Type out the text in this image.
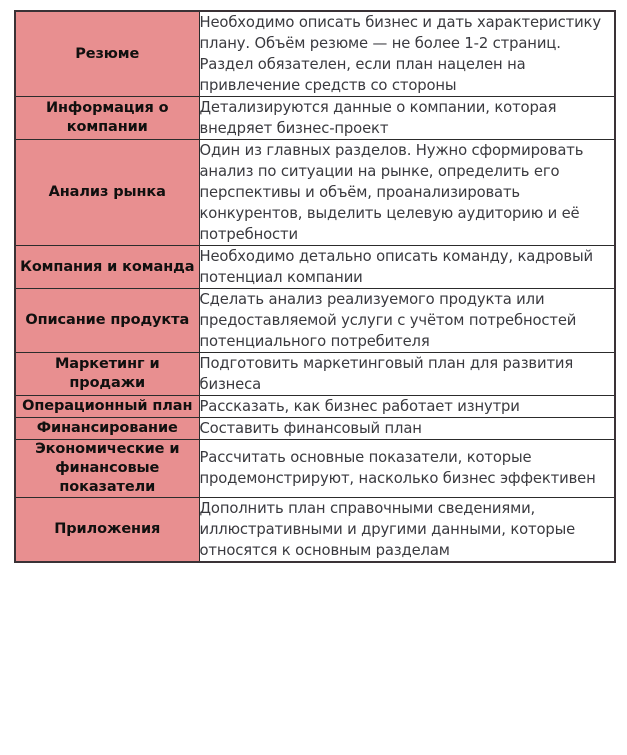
Резюме	Необходимо описать бизнес и дать характеристику плану. Объём резюме — не более 1-2 страниц. Раздел обязателен, если план нацелен на привлечение средств со стороны

Информация о компании	Детализируются данные о компании, которая внедряет бизнес-проект

Анализ рынка	Один из главных разделов. Нужно сформировать анализ по ситуации на рынке, определить его перспективы и объём, проанализировать конкурентов, выделить целевую аудиторию и её потребности

Компания и команда	Необходимо детально описать команду, кадровый потенциал компании

Описание продукта	Сделать анализ реализуемого продукта или предоставляемой услуги с учётом потребностей потенциального потребителя

Маркетинг и продажи	Подготовить маркетинговый план для развития бизнеса

Операционный план	Рассказать, как бизнес работает изнутри

Финансирование	Составить финансовый план

Экономические и финансовые показатели	Рассчитать основные показатели, которые продемонстрируют, насколько бизнес эффективен

Приложения	Дополнить план справочными сведениями, иллюстративными и другими данными, которые относятся к основным разделам
